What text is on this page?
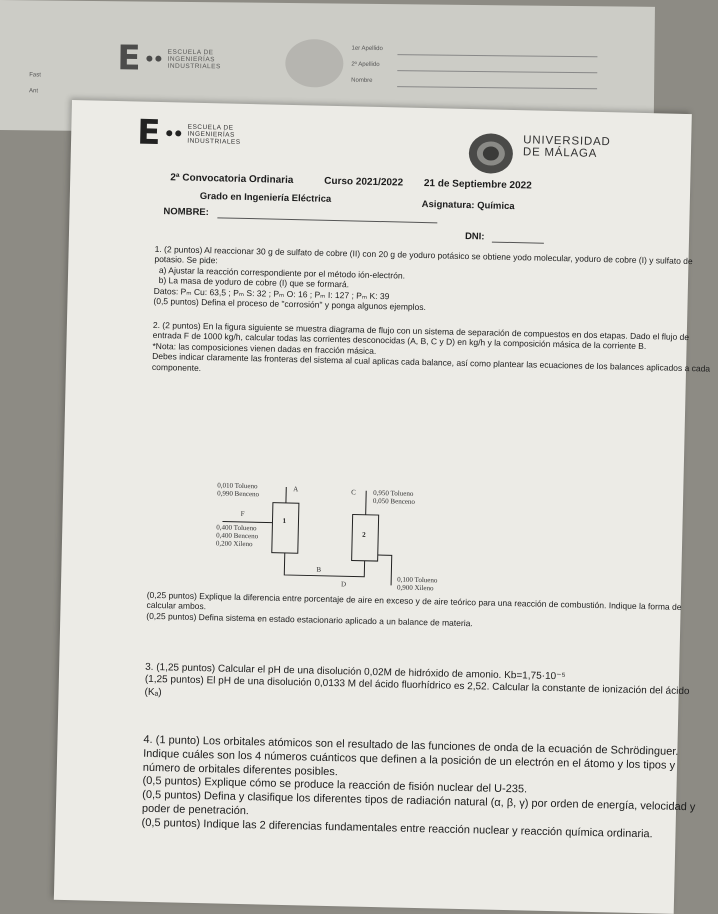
E	ESCUELA DE INGENIERÍAS INDUSTRIALES
1er Apellido
2º Apellido
Nombre
Fast
Ant
E	ESCUELA DE INGENIERÍAS INDUSTRIALES	UNIVERSIDAD
DE MÁLAGA
2ª Convocatoria Ordinaria	Curso 2021/2022 21 de Septiembre 2022
Grado en Ingeniería Eléctrica
Asignatura: Química
NOMBRE:
DNI:
1. (2 puntos) Al reaccionar 30 g de sulfato de cobre (II) con 20 g de yoduro potásico se obtiene yodo molecular, yoduro de cobre (I) y sulfato de potasio. Se pide:
a) Ajustar la reacción correspondiente por el método ión-electrón.
b) La masa de yoduro de cobre (I) que se formará.
Datos: Pₘ Cu: 63,5 ; Pₘ S: 32 ; Pₘ O: 16 ; Pₘ I: 127 ; Pₘ K: 39
(0,5 puntos) Defina el proceso de "corrosión" y ponga algunos ejemplos.
2. (2 puntos) En la figura siguiente se muestra diagrama de flujo con un sistema de separación de compuestos en dos etapas. Dado el flujo de entrada F de 1000 kg/h, calcular todas las corrientes desconocidas (A, B, C y D) en kg/h y la composición másica de la corriente B.
*Nota: las composiciones vienen dadas en fracción másica.
Debes indicar claramente las fronteras del sistema al cual aplicas cada balance, así como plantear las ecuaciones de los balances aplicados a cada componente.
1
2
F
0,400 Tolueno
0,400 Benceno
0,200 Xileno
A
0,010 Tolueno
0,990 Benceno
B
C 0,950 Tolueno
0,050 Benceno
D	0,100 Tolueno
0,900 Xileno
(0,25 puntos) Explique la diferencia entre porcentaje de aire en exceso y de aire teórico para una reacción de combustión. Indique la forma de calcular ambos.
(0,25 puntos) Defina sistema en estado estacionario aplicado a un balance de materia.
3. (1,25 puntos) Calcular el pH de una disolución 0,02M de hidróxido de amonio. Kb=1,75·10⁻⁵
(1,25 puntos) El pH de una disolución 0,0133 M del ácido fluorhídrico es 2,52. Calcular la constante de ionización del ácido (Kₐ)
4. (1 punto) Los orbitales atómicos son el resultado de las funciones de onda de la ecuación de Schrödinguer. Indique cuáles son los 4 números cuánticos que definen a la posición de un electrón en el átomo y los tipos y número de orbitales diferentes posibles.
(0,5 puntos) Explique cómo se produce la reacción de fisión nuclear del U-235.
(0,5 puntos) Defina y clasifique los diferentes tipos de radiación natural (α, β, γ) por orden de energía, velocidad y poder de penetración.
(0,5 puntos) Indique las 2 diferencias fundamentales entre reacción nuclear y reacción química ordinaria.
